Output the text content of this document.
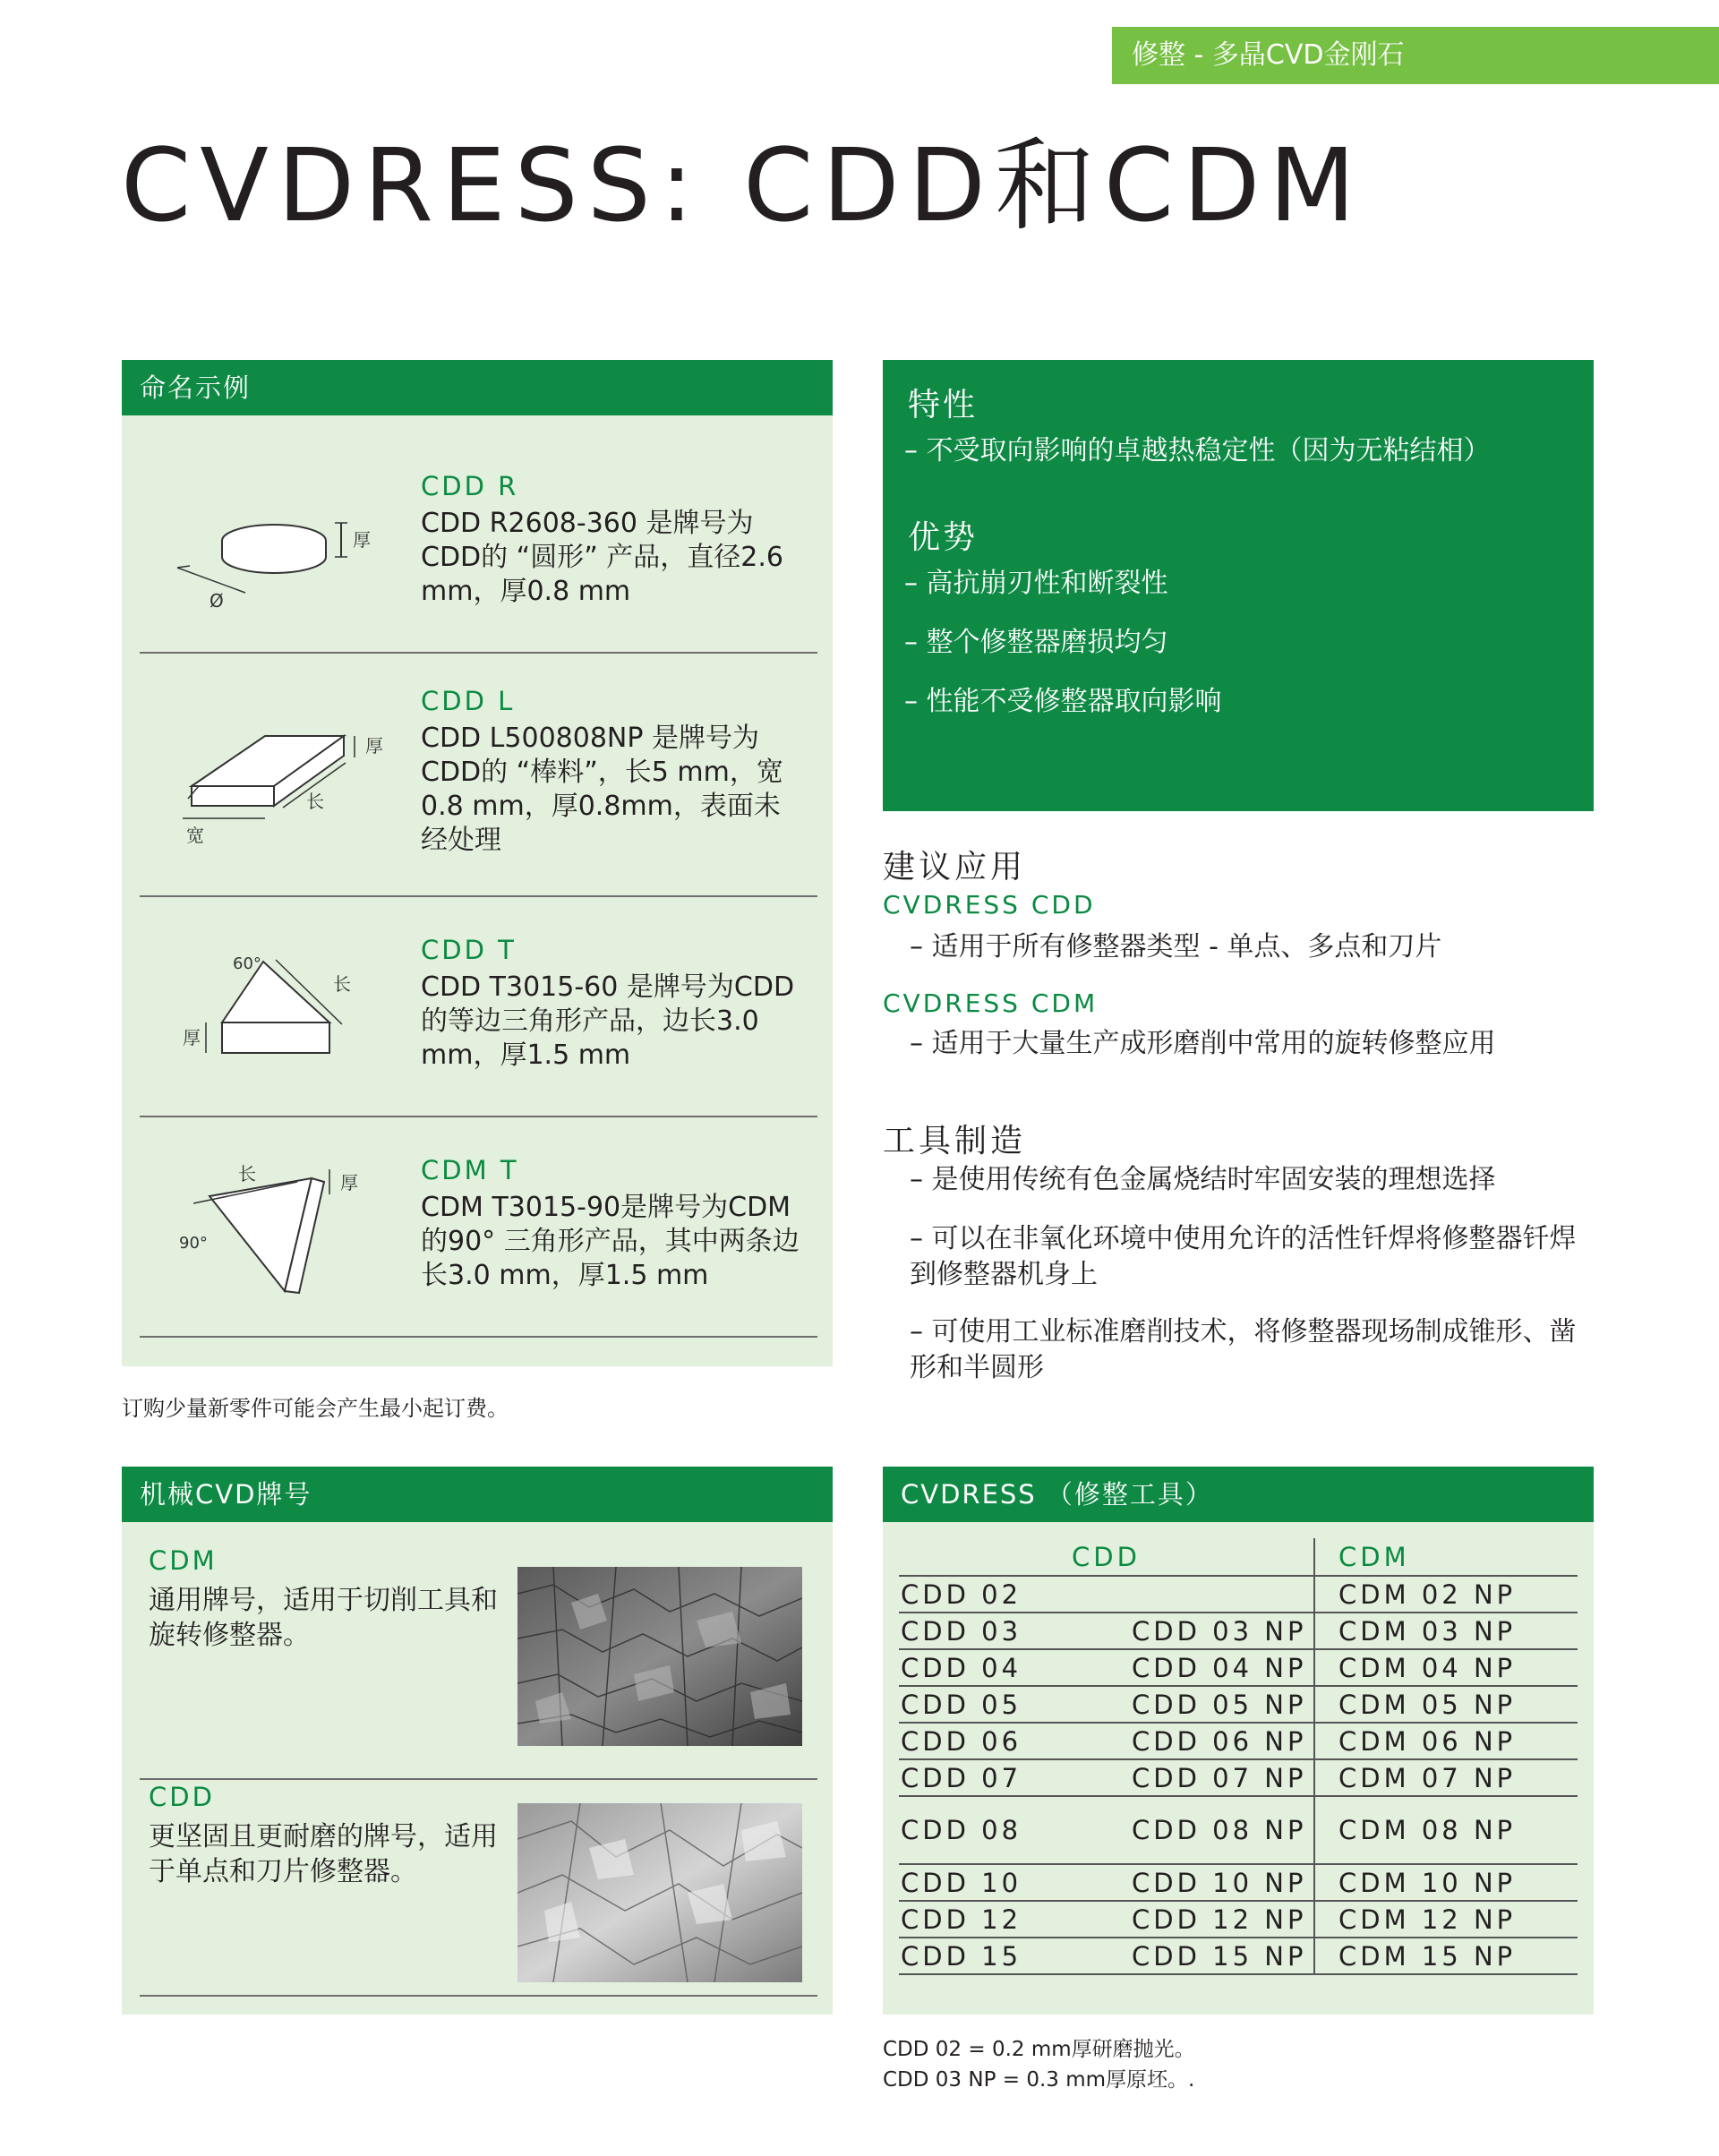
修整 - 多晶CVD金刚石
CVDRESS: CDD和CDM
命名示例
厚
Ø
CDD R
CDD R2608-360 是牌号为CDD的 “圆形” 产品，直径2.6 mm，厚0.8 mm
厚
长
宽
CDD L
CDD L500808NP 是牌号为CDD的 “棒料”，长5 mm，宽0.8 mm，厚0.8mm，表面未经处理
60°
长
厚
CDD T
CDD T3015-60 是牌号为CDD的等边三角形产品，边长3.0 mm，厚1.5 mm
长	厚
90°
CDM T
CDM T3015-90是牌号为CDM的90° 三角形产品，其中两条边长3.0 mm，厚1.5 mm
订购少量新零件可能会产生最小起订费。
特性
– 不受取向影响的卓越热稳定性（因为无粘结相）
优势
– 高抗崩刃性和断裂性
– 整个修整器磨损均匀
– 性能不受修整器取向影响
建议应用
CVDRESS CDD
– 适用于所有修整器类型 - 单点、多点和刀片
CVDRESS CDM
– 适用于大量生产成形磨削中常用的旋转修整应用
工具制造
– 是使用传统有色金属烧结时牢固安装的理想选择
– 可以在非氧化环境中使用允许的活性钎焊将修整器钎焊到修整器机身上
– 可使用工业标准磨削技术，将修整器现场制成锥形、凿形和半圆形
机械CVD牌号
CDM
通用牌号，适用于切削工具和旋转修整器。
CDD
更坚固且更耐磨的牌号，适用于单点和刀片修整器。
CVDRESS （修整工具）
CDD		CDM
CDD 02		CDM 02 NP
CDD 03	CDD 03 NP	CDM 03 NP
CDD 04	CDD 04 NP	CDM 04 NP
CDD 05	CDD 05 NP	CDM 05 NP
CDD 06	CDD 06 NP	CDM 06 NP
CDD 07	CDD 07 NP	CDM 07 NP
CDD 08	CDD 08 NP	CDM 08 NP
CDD 10	CDD 10 NP	CDM 10 NP
CDD 12	CDD 12 NP	CDM 12 NP
CDD 15	CDD 15 NP	CDM 15 NP
CDD 02 = 0.2 mm厚研磨抛光。
CDD 03 NP = 0.3 mm厚原坯。.
